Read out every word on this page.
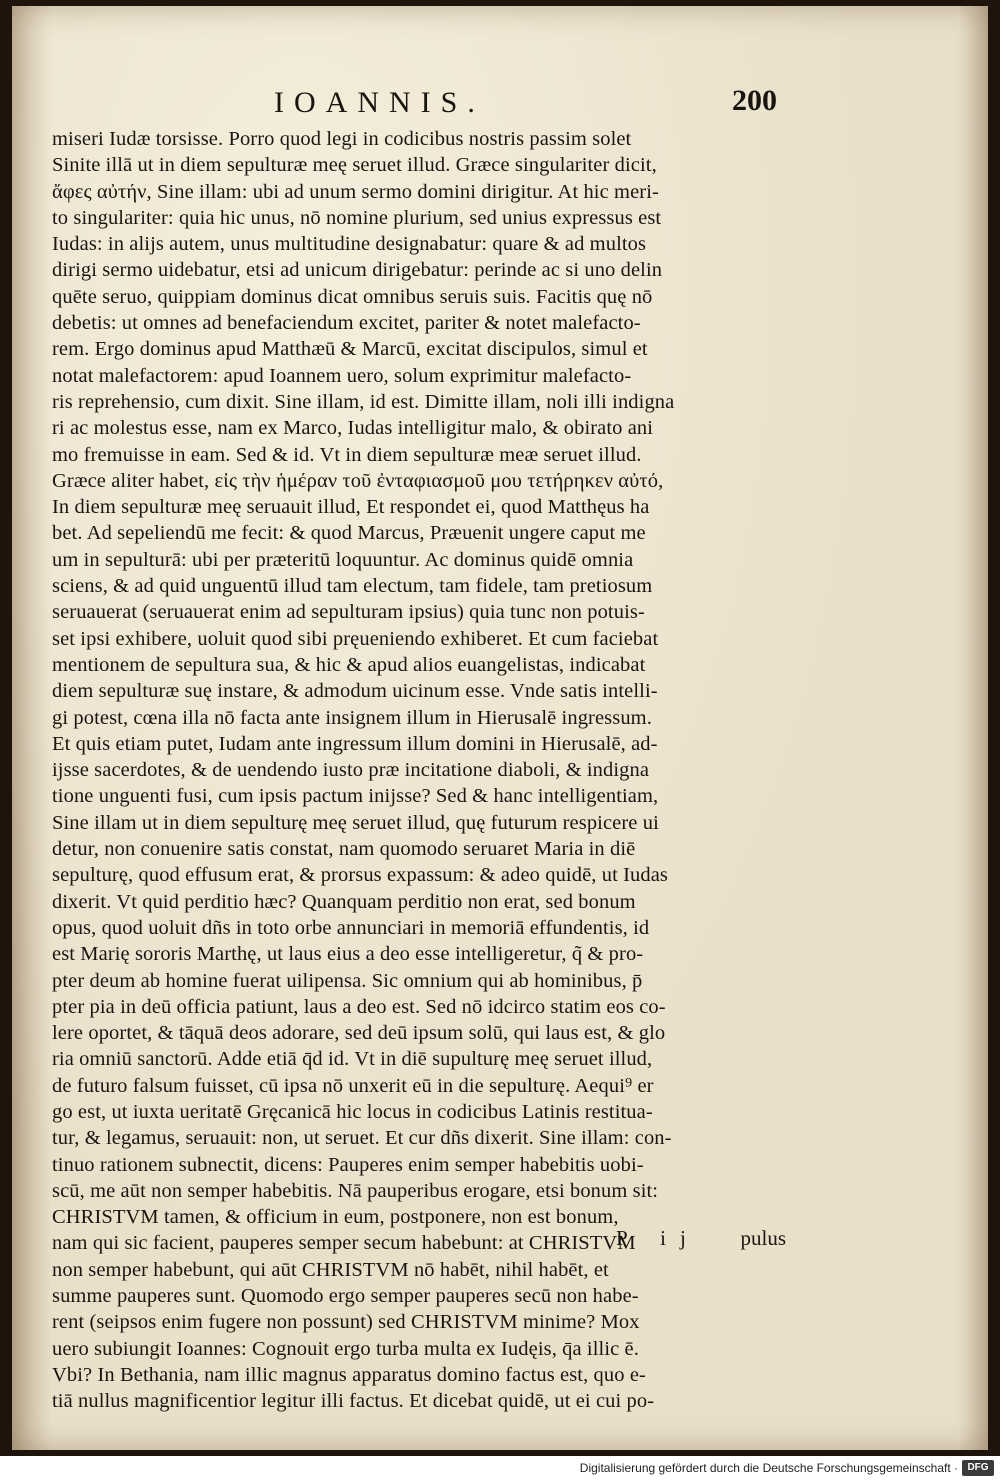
IOANNIS.	200
miseri Iudæ torsisse. Porro quod legi in codicibus nostris passim solet
Sinite illā ut in diem sepulturæ meę seruet illud. Græce singulariter dicit,
ἄφες αὐτήν, Sine illam: ubi ad unum sermo domini dirigitur. At hic meri-
to singulariter: quia hic unus, nō nomine plurium, sed unius expressus est
Iudas: in alijs autem, unus multitudine designabatur: quare & ad multos
dirigi sermo uidebatur, etsi ad unicum dirigebatur: perinde ac si uno delin
quēte seruo, quippiam dominus dicat omnibus seruis suis. Facitis quę nō
debetis: ut omnes ad benefaciendum excitet, pariter & notet malefacto-
rem. Ergo dominus apud Matthæū & Marcū, excitat discipulos, simul et
notat malefactorem: apud Ioannem uero, solum exprimitur malefacto-
ris reprehensio, cum dixit. Sine illam, id est. Dimitte illam, noli illi indigna
ri ac molestus esse, nam ex Marco, Iudas intelligitur malo, & obirato ani
mo fremuisse in eam. Sed & id. Vt in diem sepulturæ meæ seruet illud.
Græce aliter habet, εἰς τὴν ἡμέραν τοῦ ἐνταφιασμοῦ μου τετήρηκεν αὐτό,
In diem sepulturæ meę seruauit illud, Et respondet ei, quod Matthęus ha
bet. Ad sepeliendū me fecit: & quod Marcus, Præuenit ungere caput me
um in sepulturā: ubi per præteritū loquuntur. Ac dominus quidē omnia
sciens, & ad quid unguentū illud tam electum, tam fidele, tam pretiosum
seruauerat (seruauerat enim ad sepulturam ipsius) quia tunc non potuis-
set ipsi exhibere, uoluit quod sibi pręueniendo exhiberet. Et cum faciebat
mentionem de sepultura sua, & hic & apud alios euangelistas, indicabat
diem sepulturæ suę instare, & admodum uicinum esse. Vnde satis intelli-
gi potest, cœna illa nō facta ante insignem illum in Hierusalē ingressum.
Et quis etiam putet, Iudam ante ingressum illum domini in Hierusalē, ad-
ijsse sacerdotes, & de uendendo iusto præ incitatione diaboli, & indigna
tione unguenti fusi, cum ipsis pactum inijsse? Sed & hanc intelligentiam,
Sine illam ut in diem sepulturę meę seruet illud, quę futurum respicere ui
detur, non conuenire satis constat, nam quomodo seruaret Maria in diē
sepulturę, quod effusum erat, & prorsus expassum: & adeo quidē, ut Iudas
dixerit. Vt quid perditio hæc? Quanquam perditio non erat, sed bonum
opus, quod uoluit dñs in toto orbe annunciari in memoriā effundentis, id
est Marię sororis Marthę, ut laus eius a deo esse intelligeretur, q̃ & pro-
pter deum ab homine fuerat uilipensa. Sic omnium qui ab hominibus, p̄
pter pia in deū officia patiunt, laus a deo est. Sed nō idcirco statim eos co-
lere oportet, & tāquā deos adorare, sed deū ipsum solū, qui laus est, & glo
ria omniū sanctorū. Adde etiā q̄d id. Vt in diē supulturę meę seruet illud,
de futuro falsum fuisset, cū ipsa nō unxerit eū in die sepulturę. Aequi⁹ er
go est, ut iuxta ueritatē Gręcanicā hic locus in codicibus Latinis restitua-
tur, & legamus, seruauit: non, ut seruet. Et cur dñs dixerit. Sine illam: con-
tinuo rationem subnectit, dicens: Pauperes enim semper habebitis uobi-
scū, me aūt non semper habebitis. Nā pauperibus erogare, etsi bonum sit:
CHRISTVM tamen, & officium in eum, postponere, non est bonum,
nam qui sic facient, pauperes semper secum habebunt: at CHRISTVM
non semper habebunt, qui aūt CHRISTVM nō habēt, nihil habēt, et
summe pauperes sunt. Quomodo ergo semper pauperes secū non habe-
rent (seipsos enim fugere non possunt) sed CHRISTVM minime? Mox
uero subiungit Ioannes: Cognouit ergo turba multa ex Iudęis, q̄a illic ē.
Vbi? In Bethania, nam illic magnus apparatus domino factus est, quo e-
tiā nullus magnificentior legitur illi factus. Et dicebat quidē, ut ei cui po-
P ij pulus
Digitalisierung gefördert durch die Deutsche Forschungsgemeinschaft · DFG
